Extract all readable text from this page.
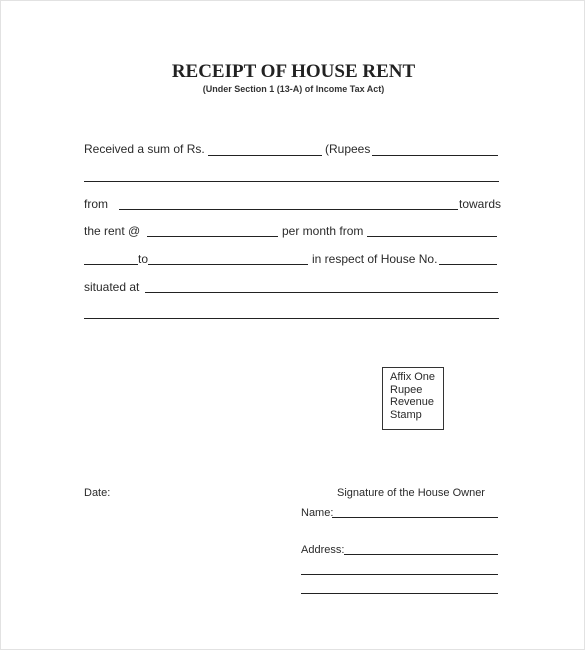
RECEIPT OF HOUSE RENT
(Under Section 1 (13-A) of Income Tax Act)
Received a sum of Rs.	(Rupees
from	towards
the rent @	per month from
to	in respect of House No.
situated at
Affix One
Rupee
Revenue
Stamp
Date:	Signature of the House Owner
Name:
Address:
